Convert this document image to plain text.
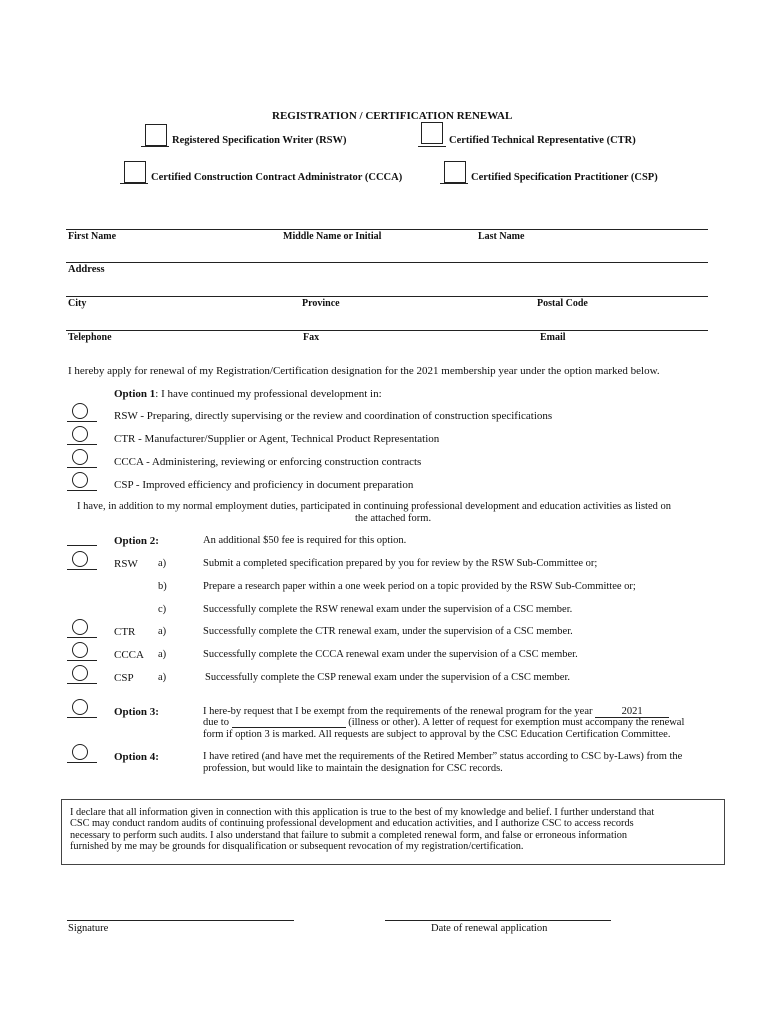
REGISTRATION / CERTIFICATION RENEWAL
Registered Specification Writer (RSW)	Certified Technical Representative (CTR)
Certified Construction Contract Administrator (CCCA)	Certified Specification Practitioner (CSP)
First Name	Middle Name or Initial	Last Name
Address
City	Province	Postal Code
Telephone	Fax	Email
I hereby apply for renewal of my Registration/Certification designation for the 2021 membership year under the option marked below.
Option 1: I have continued my professional development in:
RSW - Preparing, directly supervising or the review and coordination of construction specifications
CTR - Manufacturer/Supplier or Agent, Technical Product Representation
CCCA - Administering, reviewing or enforcing construction contracts
CSP - Improved efficiency and proficiency in document preparation
I have, in addition to my normal employment duties, participated in continuing professional development and education activities as listed on
the attached form.
Option 2:	An additional $50 fee is required for this option.
RSW a)	Submit a completed specification prepared by you for review by the RSW Sub-Committee or;
b)	Prepare a research paper within a one week period on a topic provided by the RSW Sub-Committee or;
c)	Successfully complete the RSW renewal exam under the supervision of a CSC member.
CTR a)	Successfully complete the CTR renewal exam, under the supervision of a CSC member.
CCCA a)	Successfully complete the CCCA renewal exam under the supervision of a CSC member.
CSP a)	Successfully complete the CSP renewal exam under the supervision of a CSC member.
Option 3:	I here-by request that I be exempt from the requirements of the renewal program for the year	2021
due to	(illness or other). A letter of request for exemption must accompany the renewal
form if option 3 is marked. All requests are subject to approval by the CSC Education Certification Committee.
Option 4:	I have retired (and have met the requirements of the Retired Member” status according to CSC by-Laws) from the
profession, but would like to maintain the designation for CSC records.

I declare that all information given in connection with this application is true to the best of my knowledge and belief. I further understand that
CSC may conduct random audits of continuing professional development and education activities, and I authorize CSC to access records
necessary to perform such audits. I also understand that failure to submit a completed renewal form, and false or erroneous information
furnished by me may be grounds for disqualification or subsequent revocation of my registration/certification.

Signature	Date of renewal application
